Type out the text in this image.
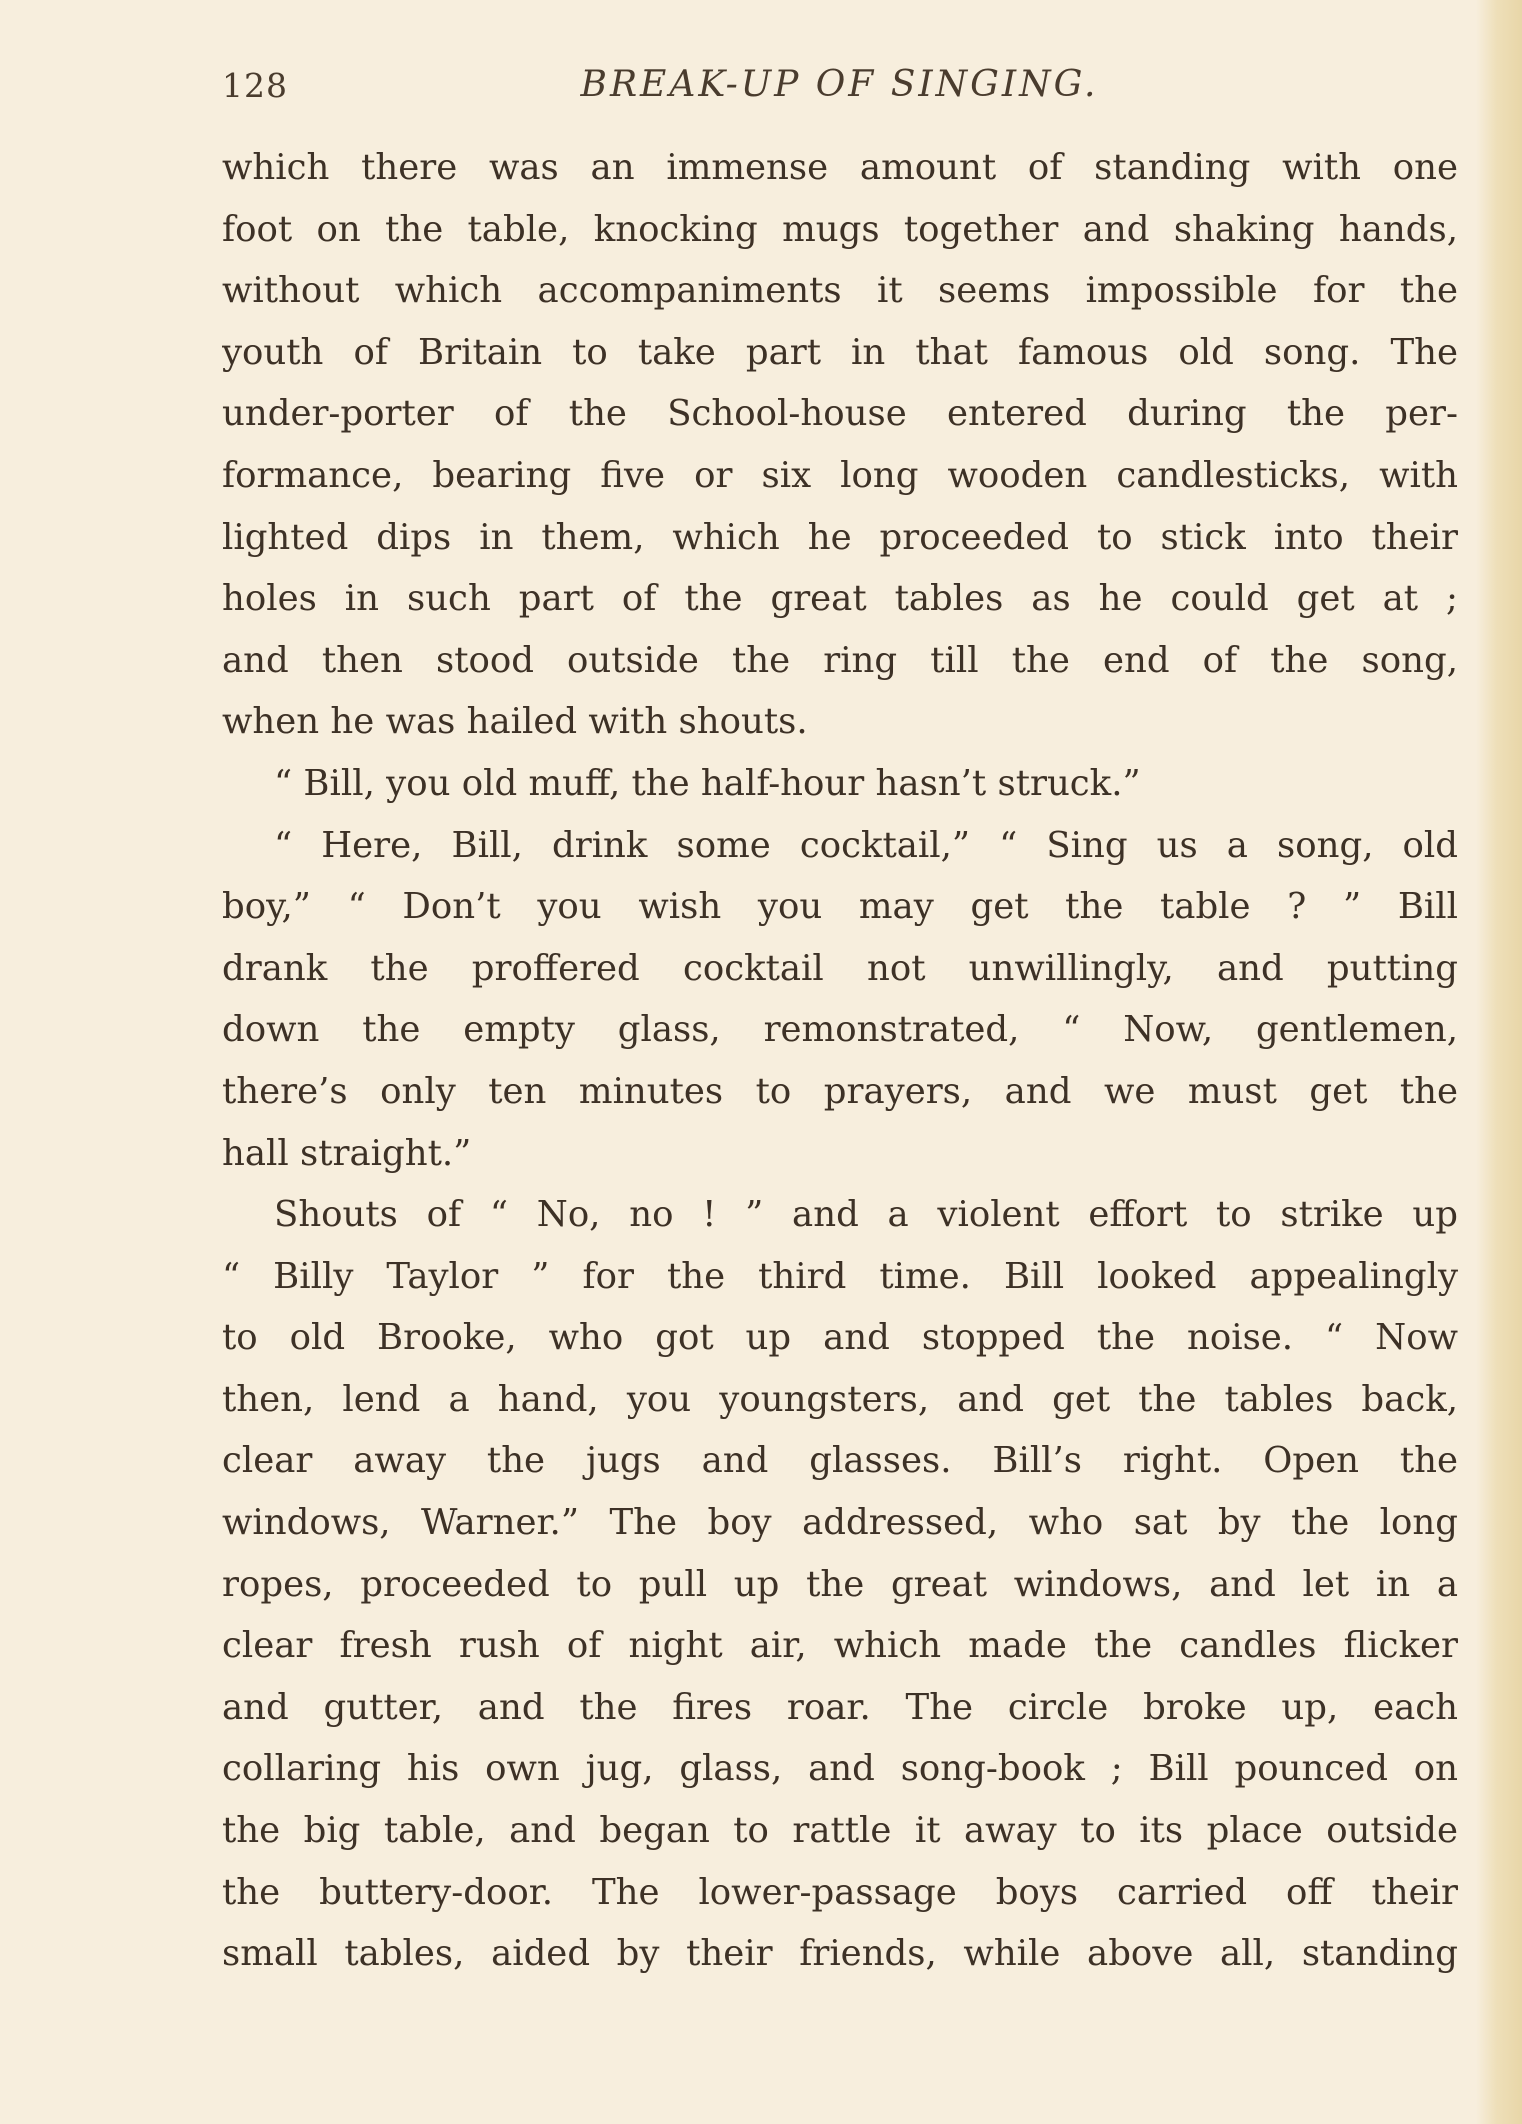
128	BREAK-UP OF SINGING.
which there was an immense amount of standing with one
foot on the table, knocking mugs together and shaking hands,
without which accompaniments it seems impossible for the
youth of Britain to take part in that famous old song. The
under-porter of the School-house entered during the per-
formance, bearing five or six long wooden candlesticks, with
lighted dips in them, which he proceeded to stick into their
holes in such part of the great tables as he could get at ;
and then stood outside the ring till the end of the song,
when he was hailed with shouts.
“ Bill, you old muff, the half-hour hasn’t struck.”
“ Here, Bill, drink some cocktail,” “ Sing us a song, old
boy,” “ Don’t you wish you may get the table ? ” Bill
drank the proffered cocktail not unwillingly, and putting
down the empty glass, remonstrated, “ Now, gentlemen,
there’s only ten minutes to prayers, and we must get the
hall straight.”
Shouts of “ No, no ! ” and a violent effort to strike up
“ Billy Taylor ” for the third time. Bill looked appealingly
to old Brooke, who got up and stopped the noise. “ Now
then, lend a hand, you youngsters, and get the tables back,
clear away the jugs and glasses. Bill’s right. Open the
windows, Warner.” The boy addressed, who sat by the long
ropes, proceeded to pull up the great windows, and let in a
clear fresh rush of night air, which made the candles flicker
and gutter, and the fires roar. The circle broke up, each
collaring his own jug, glass, and song-book ; Bill pounced on
the big table, and began to rattle it away to its place outside
the buttery-door. The lower-passage boys carried off their
small tables, aided by their friends, while above all, standing
